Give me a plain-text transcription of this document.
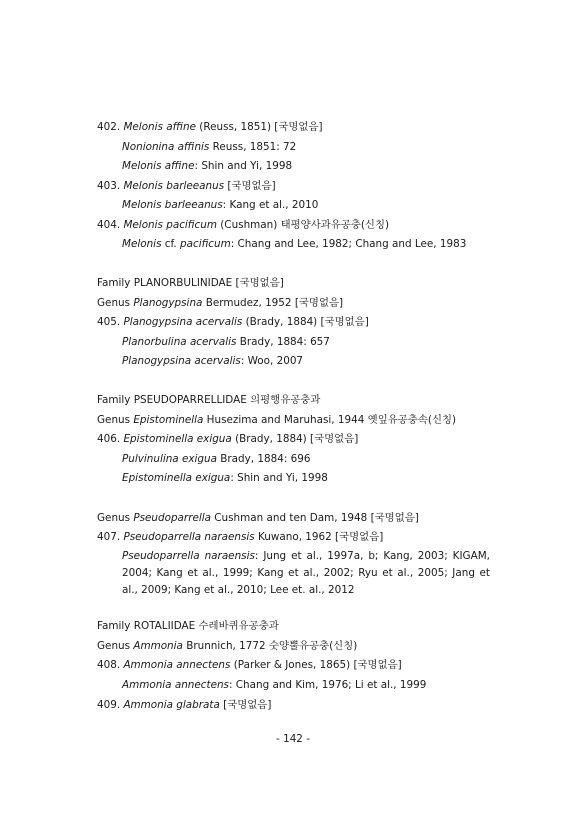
402. Melonis affine (Reuss, 1851) [국명없음]
Nonionina affinis Reuss, 1851: 72
Melonis affine: Shin and Yi, 1998
403. Melonis barleeanus [국명없음]
Melonis barleeanus: Kang et al., 2010
404. Melonis pacificum (Cushman) 태평양사과유공충(신칭)
Melonis cf. pacificum: Chang and Lee, 1982; Chang and Lee, 1983
Family PLANORBULINIDAE [국명없음]
Genus Planogypsina Bermudez, 1952 [국명없음]
405. Planogypsina acervalis (Brady, 1884) [국명없음]
Planorbulina acervalis Brady, 1884: 657
Planogypsina acervalis: Woo, 2007
Family PSEUDOPARRELLIDAE 의평행유공충과
Genus Epistominella Husezima and Maruhasi, 1944 옛잎유공충속(신칭)
406. Epistominella exigua (Brady, 1884) [국명없음]
Pulvinulina exigua Brady, 1884: 696
Epistominella exigua: Shin and Yi, 1998
Genus Pseudoparrella Cushman and ten Dam, 1948 [국명없음]
407. Pseudoparrella naraensis Kuwano, 1962 [국명없음]
Pseudoparrella naraensis: Jung et al., 1997a, b; Kang, 2003; KIGAM, 2004; Kang et al., 1999; Kang et al., 2002; Ryu et al., 2005; Jang et al., 2009; Kang et al., 2010; Lee et. al., 2012
Family ROTALIIDAE 수레바퀴유공충과
Genus Ammonia Brunnich, 1772 숫양뿔유공충(신칭)
408. Ammonia annectens (Parker & Jones, 1865) [국명없음]
Ammonia annectens: Chang and Kim, 1976; Li et al., 1999
409. Ammonia glabrata [국명없음]
- 142 -
